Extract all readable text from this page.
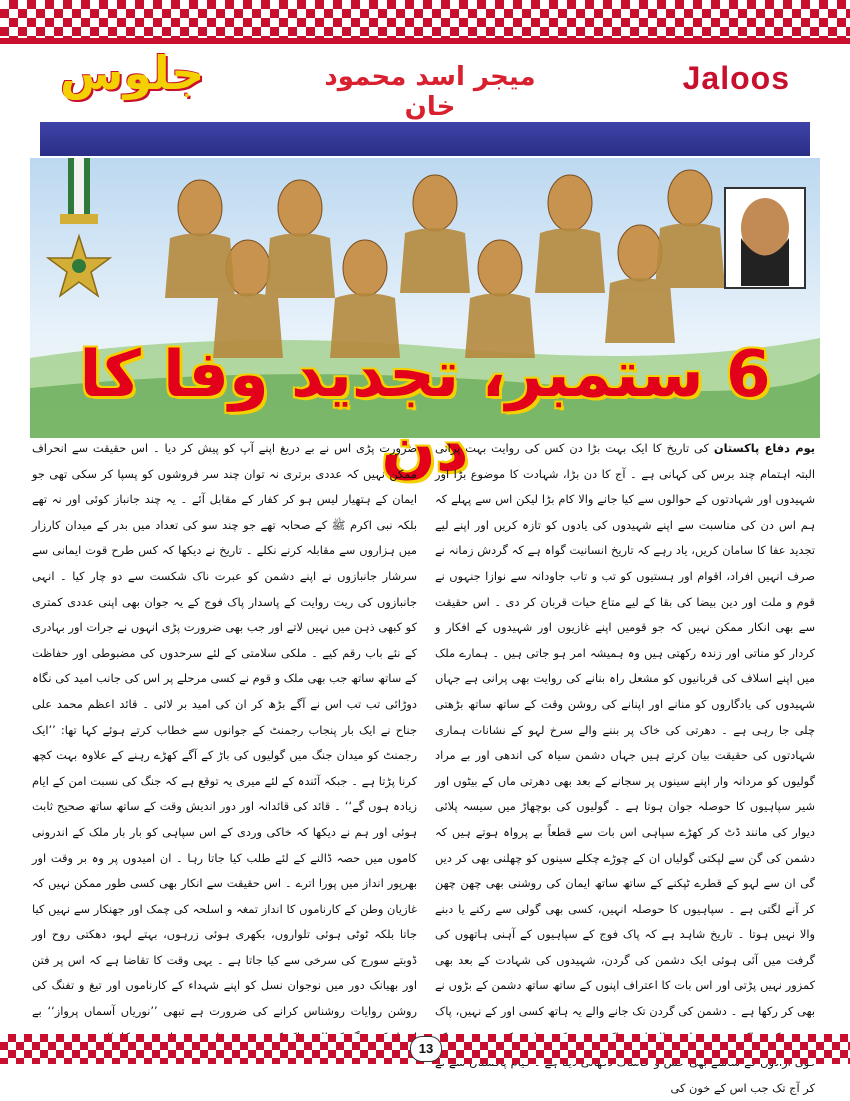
جلوس	میجر اسد محمود خان
Jaloos
6 ستمبر، تجدید وفا کا دن	یوم دفاع پاکستان کی تاریخ کا ایک بہت بڑا دن کس کی روایت بہت پرانی البتہ اہتمام چند برس کی کہانی ہے ۔ آج کا دن بڑا، شہادت کا موضوع بڑا اور شہیدوں اور شہادتوں کے حوالوں سے کیا جانے والا کام بڑا لیکن اس سے پہلے کہ ہم اس دن کی مناسبت سے اپنے شہیدوں کی یادوں کو تازہ کریں اور اپنے لیے تجدید عفا کا سامان کریں، یاد رہے کہ تاریخ انسانیت گواہ ہے کہ گردش زمانہ نے صرف انہیں افراد، اقوام اور ہستیوں کو تب و تاب جاودانہ سے نوازا جنہوں نے قوم و ملت اور دین بیضا کی بقا کے لیے متاع حیات قربان کر دی ۔ اس حقیقت سے بھی انکار ممکن نہیں کہ جو قومیں اپنے غازیوں اور شہیدوں کے افکار و کردار کو مناتی اور زندہ رکھتی ہیں وہ ہمیشہ امر ہو جاتی ہیں ۔ ہمارے ملک میں اپنے اسلاف کی قربانیوں کو مشعل راہ بنانے کی روایت بھی پرانی ہے جہاں شہیدوں کی یادگاروں کو منانے اور اپنانے کی روشن وقت کے ساتھ ساتھ بڑھتی چلی جا رہی ہے ۔ دھرتی کی خاک پر بننے والے سرخ لہو کے نشانات ہماری شہادتوں کی حقیقت بیان کرتے ہیں جہاں دشمن سیاہ کی اندھی اور بے مراد گولیوں کو مردانہ وار اپنے سینوں پر سجانے کے بعد بھی دھرتی ماں کے بیٹوں اور شیر سپاہیوں کا حوصلہ جوان ہوتا ہے ۔ گولیوں کی بوچھاڑ میں سیسہ پلائی دیوار کی مانند ڈٹ کر کھڑے سپاہی اس بات سے قطعاً بے پرواہ ہوتے ہیں کہ دشمن کی گن سے لپکتی گولیاں ان کے چوڑے چکلے سینوں کو چھلنی بھی کر دیں گی ان سے لہو کے قطرے ٹپکنے کے ساتھ ساتھ ایمان کی روشنی بھی چھن چھن کر آنے لگتی ہے ۔ سپاہیوں کا حوصلہ انہیں، کسی بھی گولی سے رکنے یا دبنے والا نہیں ہوتا ۔ تاریخ شاہد ہے کہ پاک فوج کے سپاہیوں کے آہنی ہاتھوں کی گرفت میں آئی ہوئی ایک دشمن کی گردن، شہیدوں کی شہادت کے بعد بھی کمزور نہیں پڑتی اور اس بات کا اعتراف اپنوں کے ساتھ ساتھ دشمن کے بڑوں نے بھی کر رکھا ہے ۔ دشمن کی گردن تک جانے والے یہ ہاتھ کسی اور کے نہیں، پاک کر آج تک جب اس کے خون کی

ضرورت پڑی اس نے بے دریغ اپنے آپ کو پیش کر دیا ۔ اس حقیقت سے انحراف ممکن نہیں کہ عددی برتری نہ توان چند سر فروشوں کو پسپا کر سکی تھی جو ایمان کے ہتھیار لیس ہو کر کفار کے مقابل آئے ۔ یہ چند جانباز کوئی اور نہ تھے بلکہ نبی اکرم ﷺ کے صحابہ تھے جو چند سو کی تعداد میں بدر کے میدان کارزار میں ہزاروں سے مقابلہ کرنے نکلے ۔ تاریخ نے دیکھا کہ کس طرح قوت ایمانی سے سرشار جانبازوں نے اپنے دشمن کو عبرت ناک شکست سے دو چار کیا ۔ انہی جانبازوں کی ریت روایت کے پاسدار پاک فوج کے یہ جوان بھی اپنی عددی کمتری کو کبھی ذہن میں نہیں لاتے اور جب بھی ضرورت پڑی انہوں نے جرات اور بہادری کے نئے باب رقم کیے ۔ ملکی سلامتی کے لئے سرحدوں کی مضبوطی اور حفاظت کے ساتھ ساتھ جب بھی ملک و قوم نے کسی مرحلے پر اس کی جانب امید کی نگاہ دوڑائی تب تب اس نے آگے بڑھ کر ان کی امید بر لائی ۔ قائد اعظم محمد علی جناح نے ایک بار پنجاب رجمنٹ کے جوانوں سے خطاب کرتے ہوئے کہا تھا: ’’ایک رجمنٹ کو میدان جنگ میں گولیوں کی باڑ کے آگے کھڑے رہنے کے علاوہ بہت کچھ کرنا پڑتا ہے ۔ جبکہ آئندہ کے لئے میری یہ توقع ہے کہ جنگ کی نسبت امن کے ایام زیادہ ہوں گے‘‘ ۔ قائد کی قائدانہ اور دور اندیش وقت کے ساتھ ساتھ صحیح ثابت ہوئی اور ہم نے دیکھا کہ خاکی وردی کے اس سپاہی کو بار بار ملک کے اندرونی کاموں میں حصہ ڈالنے کے لئے طلب کیا جاتا رہا ۔ ان امیدوں پر وہ بر وقت اور بھرپور انداز میں پورا اترے ۔ اس حقیقت سے انکار بھی کسی طور ممکن نہیں کہ غازیان وطن کے کارناموں کا انداز تمغہ و اسلحہ کی چمک اور جھنکار سے نہیں کیا جاتا بلکہ ٹوٹی ہوئی تلواروں، بکھری ہوئی زرہوں، بہتے لہو، دھکتی روح اور ڈوبتے سورج کی سرخی سے کیا جاتا ہے ۔ یہی وقت کا تقاضا ہے کہ اس پر فتن اور بھیانک دور میں نوجوان نسل کو اپنے شہداء کے کارناموں اور تیغ و تفنگ کی روشن روایات روشناس کرانے کی ضرورت ہے تبھی ’’نوریاں آسماں پرواز‘‘ بے

13
